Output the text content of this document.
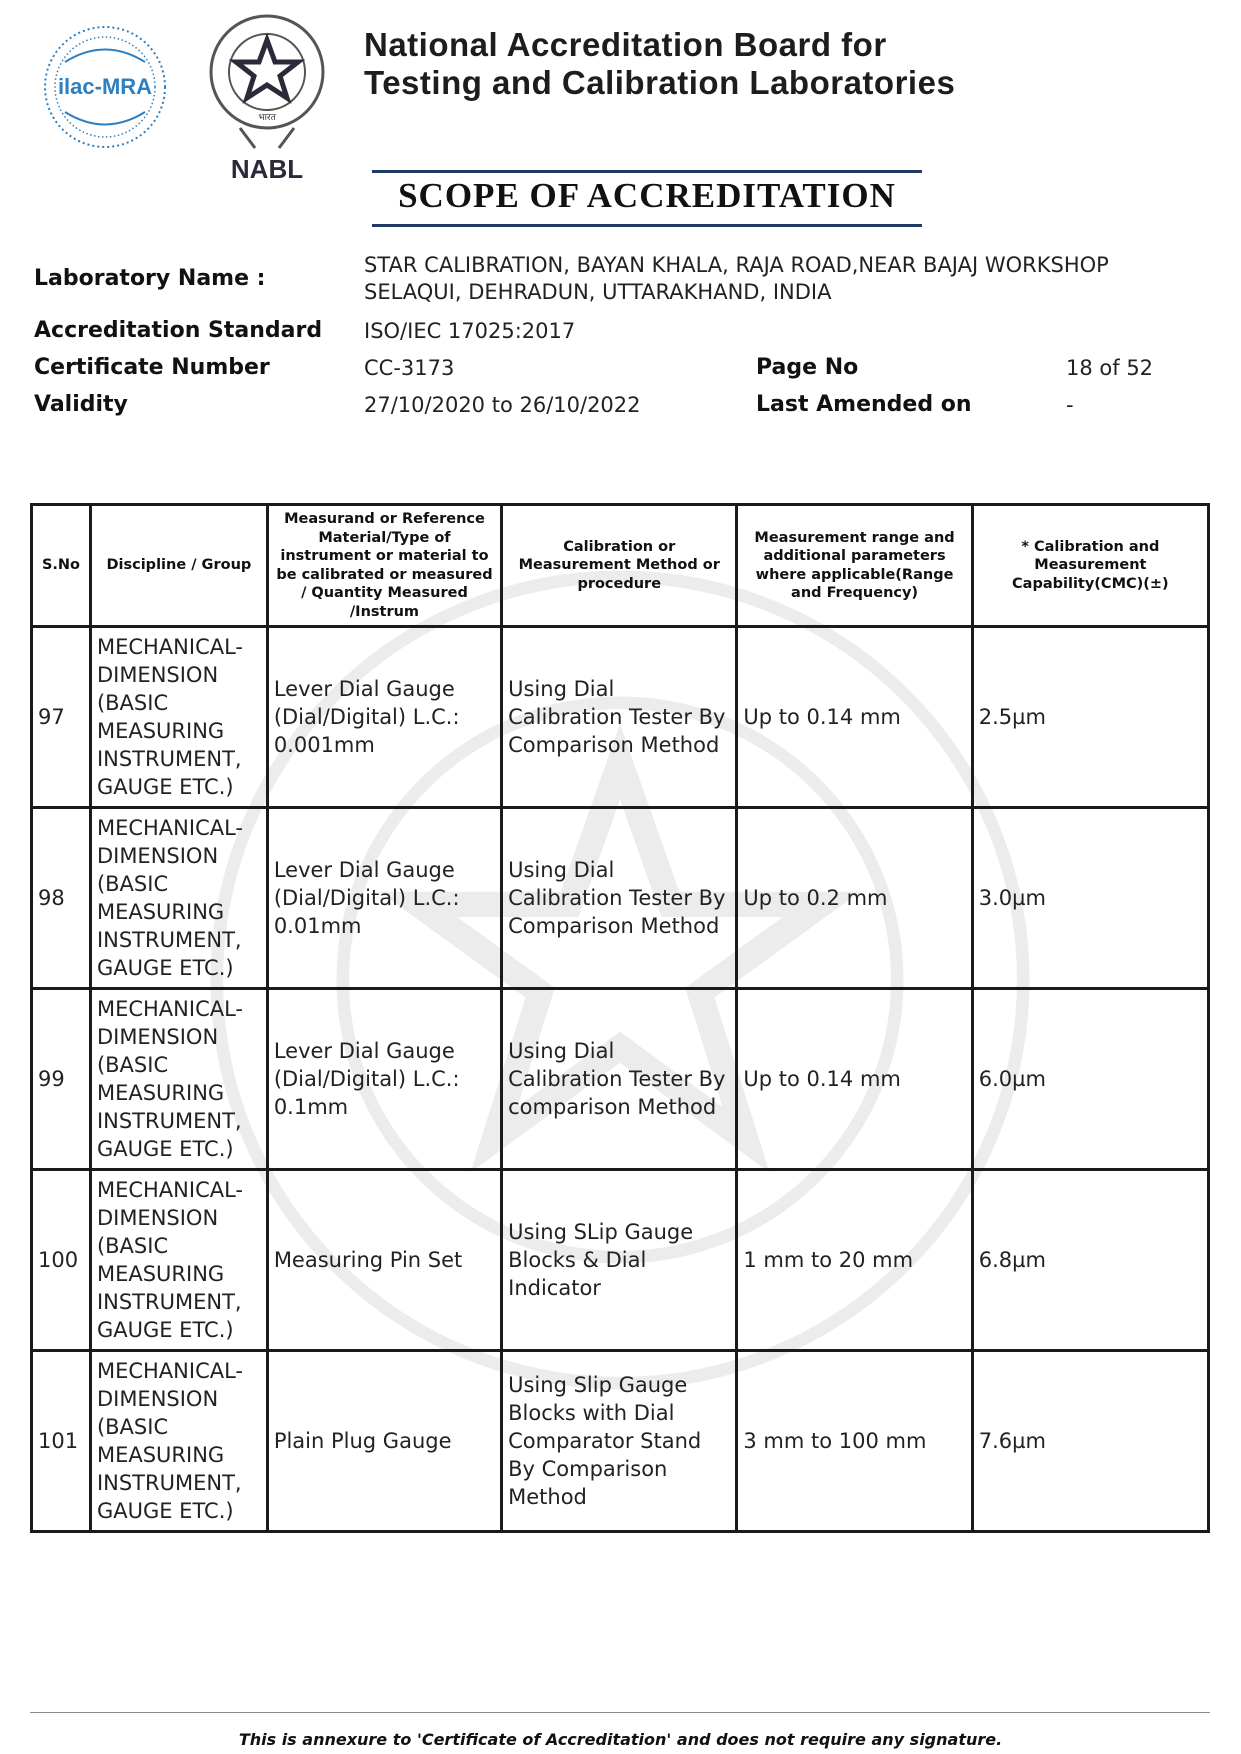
ilac-MRA
भारत
NABL
National Accreditation Board for
Testing and Calibration Laboratories
SCOPE OF ACCREDITATION
Laboratory Name :
STAR CALIBRATION, BAYAN KHALA, RAJA ROAD,NEAR BAJAJ WORKSHOP
SELAQUI, DEHRADUN, UTTARAKHAND, INDIA
Accreditation Standard ISO/IEC 17025:2017
Certificate Number	CC-3173	Page No	18 of 52
Validity	27/10/2020 to 26/10/2022	Last Amended on	-
S.No	Discipline / Group	Measurand or Reference Material/Type of instrument or material to be calibrated or measured / Quantity Measured /Instrum	Calibration or Measurement Method or procedure	Measurement range and additional parameters where applicable(Range and Frequency)	* Calibration and Measurement Capability(CMC)(±)
97	MECHANICAL-DIMENSION (BASIC MEASURING INSTRUMENT, GAUGE ETC.)	Lever Dial Gauge (Dial/Digital) L.C.: 0.001mm	Using Dial Calibration Tester By Comparison Method	Up to 0.14 mm	2.5µm
98	MECHANICAL-DIMENSION (BASIC MEASURING INSTRUMENT, GAUGE ETC.)	Lever Dial Gauge (Dial/Digital) L.C.: 0.01mm	Using Dial Calibration Tester By Comparison Method	Up to 0.2 mm	3.0µm
99	MECHANICAL-DIMENSION (BASIC MEASURING INSTRUMENT, GAUGE ETC.)	Lever Dial Gauge (Dial/Digital) L.C.: 0.1mm	Using Dial Calibration Tester By comparison Method	Up to 0.14 mm	6.0µm
100	MECHANICAL-DIMENSION (BASIC MEASURING INSTRUMENT, GAUGE ETC.)	Measuring Pin Set	Using SLip Gauge Blocks & Dial Indicator	1 mm to 20 mm	6.8µm
101	MECHANICAL-DIMENSION (BASIC MEASURING INSTRUMENT, GAUGE ETC.)	Plain Plug Gauge	Using Slip Gauge Blocks with Dial Comparator Stand By Comparison Method	3 mm to 100 mm	7.6µm
This is annexure to 'Certificate of Accreditation' and does not require any signature.
